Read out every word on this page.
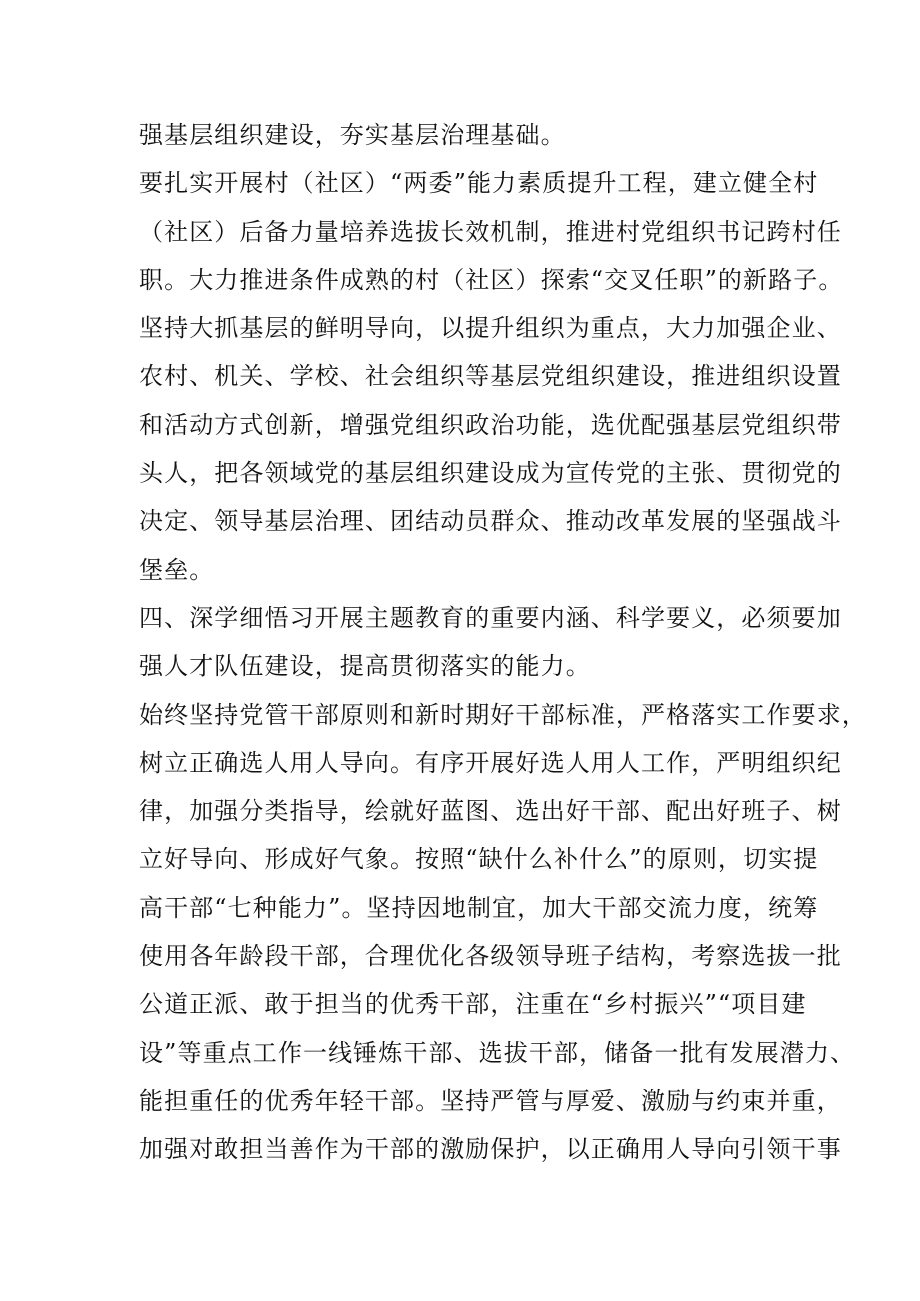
强基层组织建设，夯实基层治理基础。
要扎实开展村（社区）“两委”能力素质提升工程，建立健全村
（社区）后备力量培养选拔长效机制，推进村党组织书记跨村任
职。大力推进条件成熟的村（社区）探索“交叉任职”的新路子。
坚持大抓基层的鲜明导向，以提升组织为重点，大力加强企业、
农村、机关、学校、社会组织等基层党组织建设，推进组织设置
和活动方式创新，增强党组织政治功能，选优配强基层党组织带
头人，把各领域党的基层组织建设成为宣传党的主张、贯彻党的
决定、领导基层治理、团结动员群众、推动改革发展的坚强战斗
堡垒。
四、深学细悟习开展主题教育的重要内涵、科学要义，必须要加
强人才队伍建设，提高贯彻落实的能力。
始终坚持党管干部原则和新时期好干部标准，严格落实工作要求，
树立正确选人用人导向。有序开展好选人用人工作，严明组织纪
律，加强分类指导，绘就好蓝图、选出好干部、配出好班子、树
立好导向、形成好气象。按照“缺什么补什么”的原则，切实提
高干部“七种能力”。坚持因地制宜，加大干部交流力度，统筹
使用各年龄段干部，合理优化各级领导班子结构，考察选拔一批
公道正派、敢于担当的优秀干部，注重在“乡村振兴”“项目建
设”等重点工作一线锤炼干部、选拔干部，储备一批有发展潜力、
能担重任的优秀年轻干部。坚持严管与厚爱、激励与约束并重，
加强对敢担当善作为干部的激励保护，以正确用人导向引领干事
